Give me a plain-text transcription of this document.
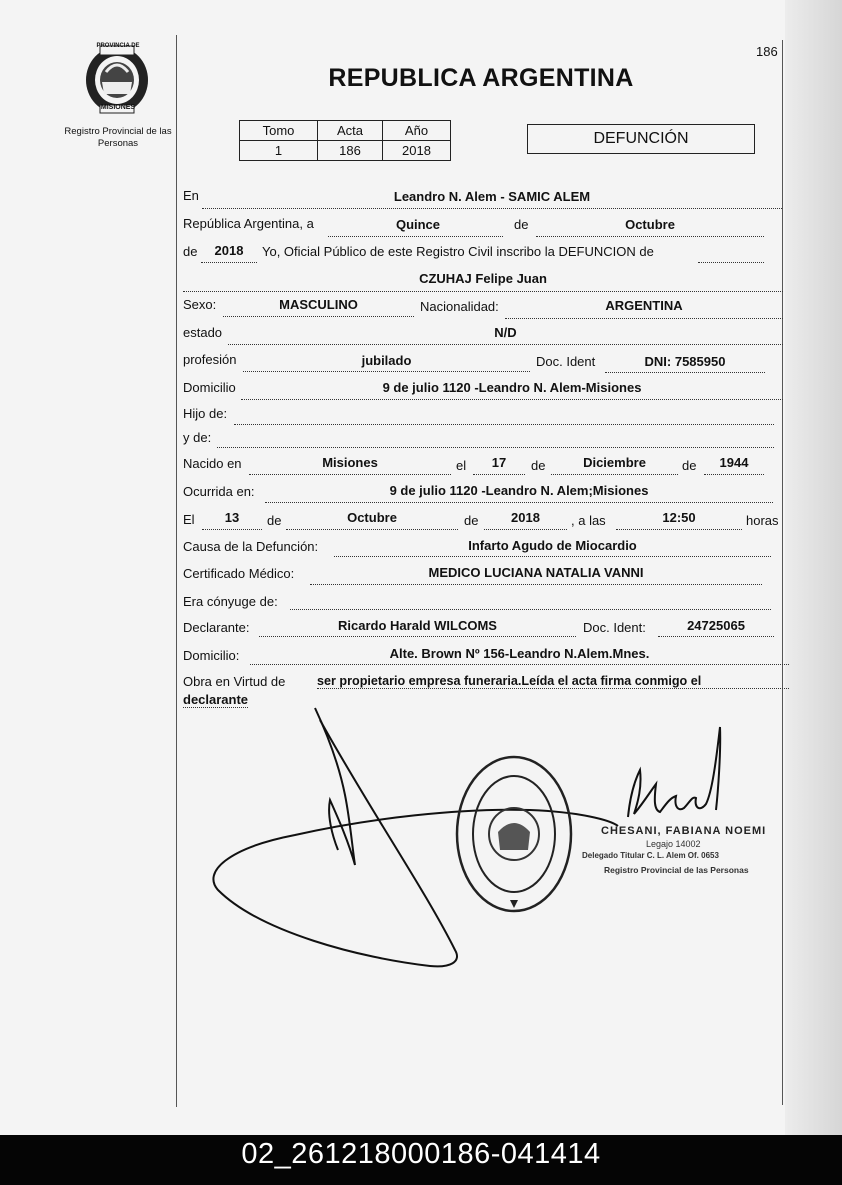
186
PROVINCIA DE
MISIONES
Registro Provincial de las Personas
REPUBLICA ARGENTINA
Tomo	Acta	Año
1	186	2018
DEFUNCIÓN
En	Leandro N. Alem - SAMIC ALEM
República Argentina, a	Quince	de	Octubre
de	2018	Yo, Oficial Público de este Registro Civil inscribo la DEFUNCION de
CZUHAJ Felipe Juan
Sexo:	MASCULINO	Nacionalidad:	ARGENTINA
estado	N/D
profesión	jubilado	Doc. Ident	DNI: 7585950
Domicilio	9 de julio 1120 -Leandro N. Alem-Misiones
Hijo de:
y de:
Nacido en	Misiones	el	17	de	Diciembre	de	1944
Ocurrida en:	9 de julio 1120 -Leandro N. Alem;Misiones
El	13	de	Octubre	de	2018	, a las	12:50	horas
Causa de la Defunción:	Infarto Agudo de Miocardio
Certificado Médico:	MEDICO LUCIANA NATALIA VANNI
Era cónyuge de:
Declarante:	Ricardo Harald WILCOMS	Doc. Ident:	24725065
Domicilio:	Alte. Brown Nº 156-Leandro N.Alem.Mnes.
Obra en Virtud de	ser propietario empresa funeraria.Leída el acta firma conmigo el
declarante
CHESANI, FABIANA NOEMI
Legajo 14002
Delegado Titular C. L. Alem Of. 0653
Registro Provincial de las Personas
02_261218000186-041414
